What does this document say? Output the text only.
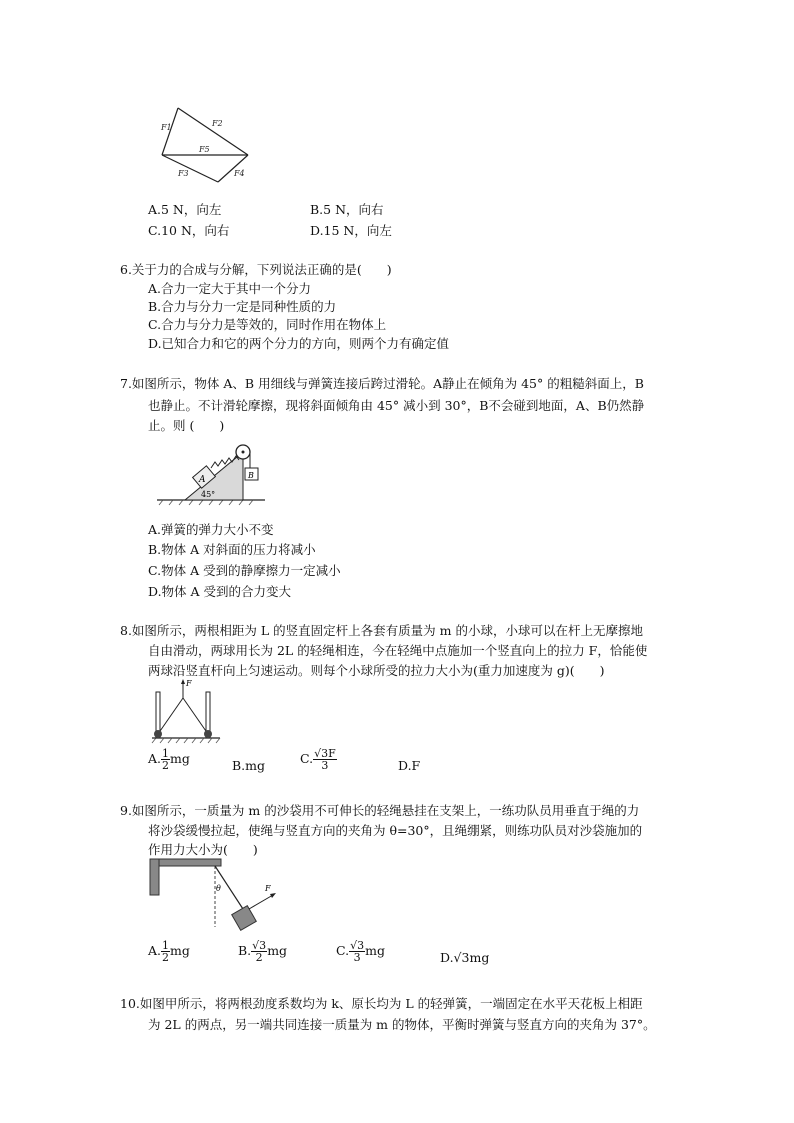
F1	F2
F5
F3	F4
A.5 N，向左	B.5 N，向右
C.10 N，向右	D.15 N，向左
6.关于力的合成与分解，下列说法正确的是(　　)
A.合力一定大于其中一个分力
B.合力与分力一定是同种性质的力
C.合力与分力是等效的，同时作用在物体上
D.已知合力和它的两个分力的方向，则两个力有确定值
7.如图所示，物体 A、B 用细线与弹簧连接后跨过滑轮。A静止在倾角为 45° 的粗糙斜面上，B
也静止。不计滑轮摩擦，现将斜面倾角由 45° 减小到 30°，B不会碰到地面，A、B仍然静
止。则 (　　)
A	B
45°
A.弹簧的弹力大小不变
B.物体 A 对斜面的压力将减小
C.物体 A 受到的静摩擦力一定减小
D.物体 A 受到的合力变大
8.如图所示，两根相距为 L 的竖直固定杆上各套有质量为 m 的小球，小球可以在杆上无摩擦地
自由滑动，两球用长为 2L 的轻绳相连，今在轻绳中点施加一个竖直向上的拉力 F，恰能使
两球沿竖直杆向上匀速运动。则每个小球所受的拉力大小为(重力加速度为 g)(　　)
F
A. $\frac{1}{2}$ mg	B.mg	C. $\frac{√3F}{3}$	D.F
9.如图所示，一质量为 m 的沙袋用不可伸长的轻绳悬挂在支架上，一练功队员用垂直于绳的力
将沙袋缓慢拉起，使绳与竖直方向的夹角为 θ=30°，且绳绷紧，则练功队员对沙袋施加的
作用力大小为(　　)
θ	F
A. $\frac{1}{2}$ mg	B. $\frac{√3}{2}$ mg	C. $\frac{√3}{3}$ mg	D.√3mg
10.如图甲所示，将两根劲度系数均为 k、原长均为 L 的轻弹簧，一端固定在水平天花板上相距
为 2L 的两点，另一端共同连接一质量为 m 的物体，平衡时弹簧与竖直方向的夹角为 37°。
